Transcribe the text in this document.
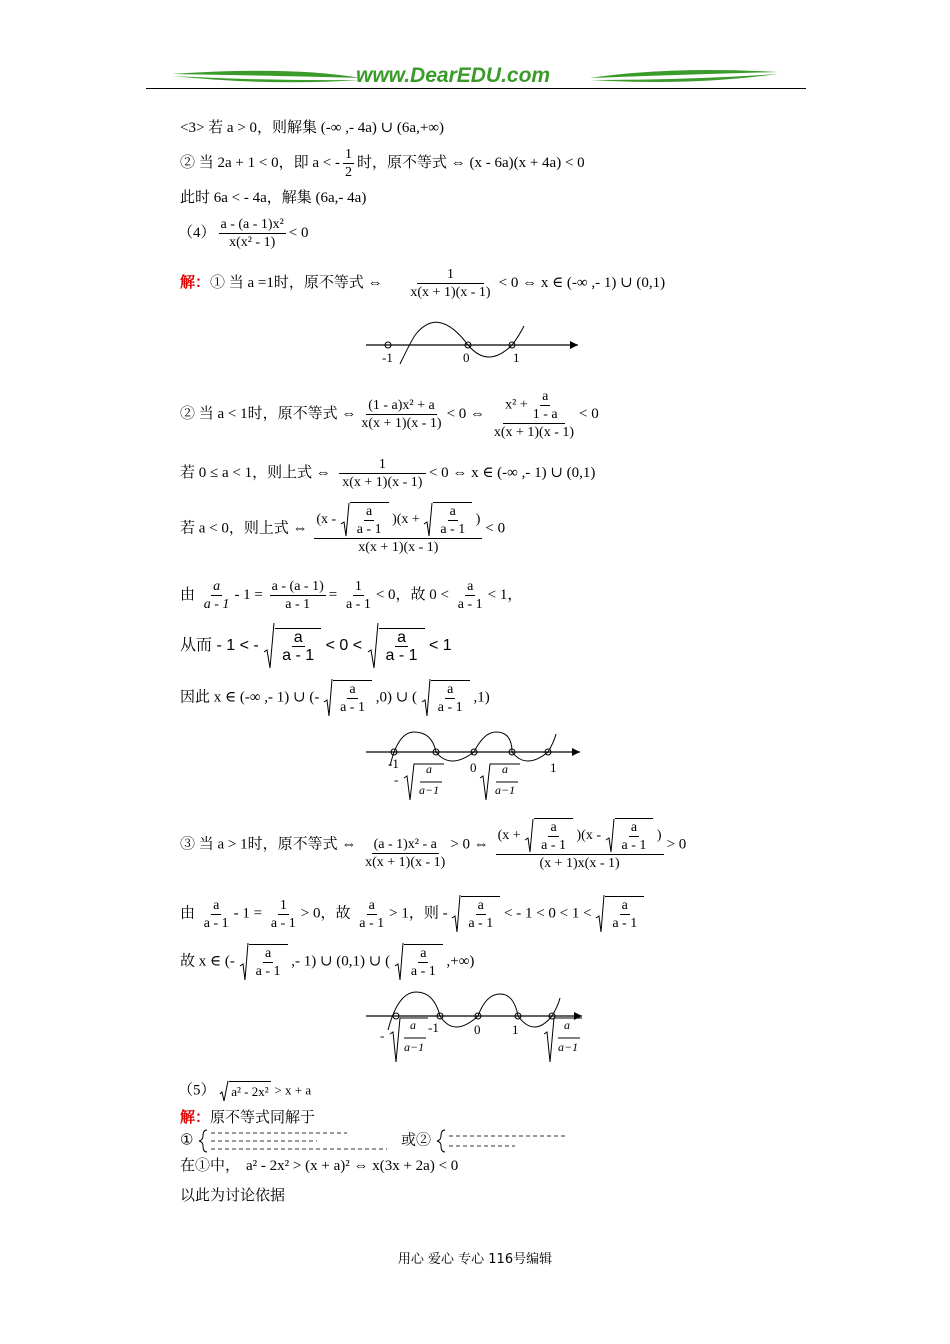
www.DearEDU.com
<3> 若 a > 0，则解集 (-∞ ,- 4a) ∪ (6a,+∞)
② 当 2a + 1 < 0，即 a < - $\frac{1}{2}$ 时，原不等式 ⇔ (x - 6a)(x + 4a) < 0
此时 6a < - 4a，解集 (6a,- 4a)
$(4) \frac{\text{a - (a - 1)x²}}{\text{x(x² - 1)}} < 0$
解：① 当 a =1时，原不等式 ⇔ $\frac{1}{x(x + 1)(x - 1)} < 0$ ⇔ x ∈ (-∞ ,- 1) ∪ (0,1)
-1	0	1
② 当 a < 1时，原不等式 ⇔ $\frac{\text{(1 - a)x² + a}}{x(x + 1)(x - 1)} < 0$ ⇔ $\frac{x^2 + \frac{a}{1 - a}}{x(x + 1)(x - 1)} < 0$
若 0 ≤ a < 1，则上式 ⇔ $\frac{1}{x(x + 1)(x - 1)} < 0$ ⇔ x ∈ (-∞ ,- 1) ∪ (0,1)
若 a < 0，则上式 ⇔ $\frac{(x - \frac{a}{a - 1} )(x + \frac{a}{a - 1} )}{x(x + 1)(x - 1)} < 0$
由 $\frac{a}{a - 1} - 1 = \frac{a - (a - 1)}{a - 1} = \frac{1}{a - 1} < 0$，故 $0 < \frac{a}{a - 1} < 1$，
从而 - 1 < - $\frac{a}{a - 1} < 0 < \frac{a}{a - 1} < 1$
因此 x ∈ (-∞ ,- 1) ∪ (- $\frac{a}{a - 1} ,0$) ∪ ( $\frac{a}{a - 1} ,1$)
-1	0	1
-
a
a−1
a
a−1
③ 当 a > 1时，原不等式 ⇔ $\frac{\text{(a - 1)x² - a}}{x(x + 1)(x - 1)} > 0$ ⇔ $\frac{(x + \frac{a}{a - 1} )(x - \frac{a}{a - 1} )}{(x + 1)x(x - 1)} > 0$
由 $\frac{a}{a - 1} - 1 = \frac{1}{a - 1} > 0$，故 $\frac{a}{a - 1} > 1$，则 - $\frac{a}{a - 1}$ < - $1 < 0 < 1 < \frac{a}{a - 1}$
故 x ∈ (- $\frac{a}{a - 1}$ ,- 1) ∪ (0,1) ∪ ( $\frac{a}{a - 1}$ ,+∞)
-1	0 1
-
a
a−1
a
a−1
（5） a² - 2x² > x + a
解：原不等式同解于
①	或②
在①中， a² - 2x² > (x + a)² ⇔ x(3x + 2a) < 0
以此为讨论依据
用心 爱心 专心 116号编辑
